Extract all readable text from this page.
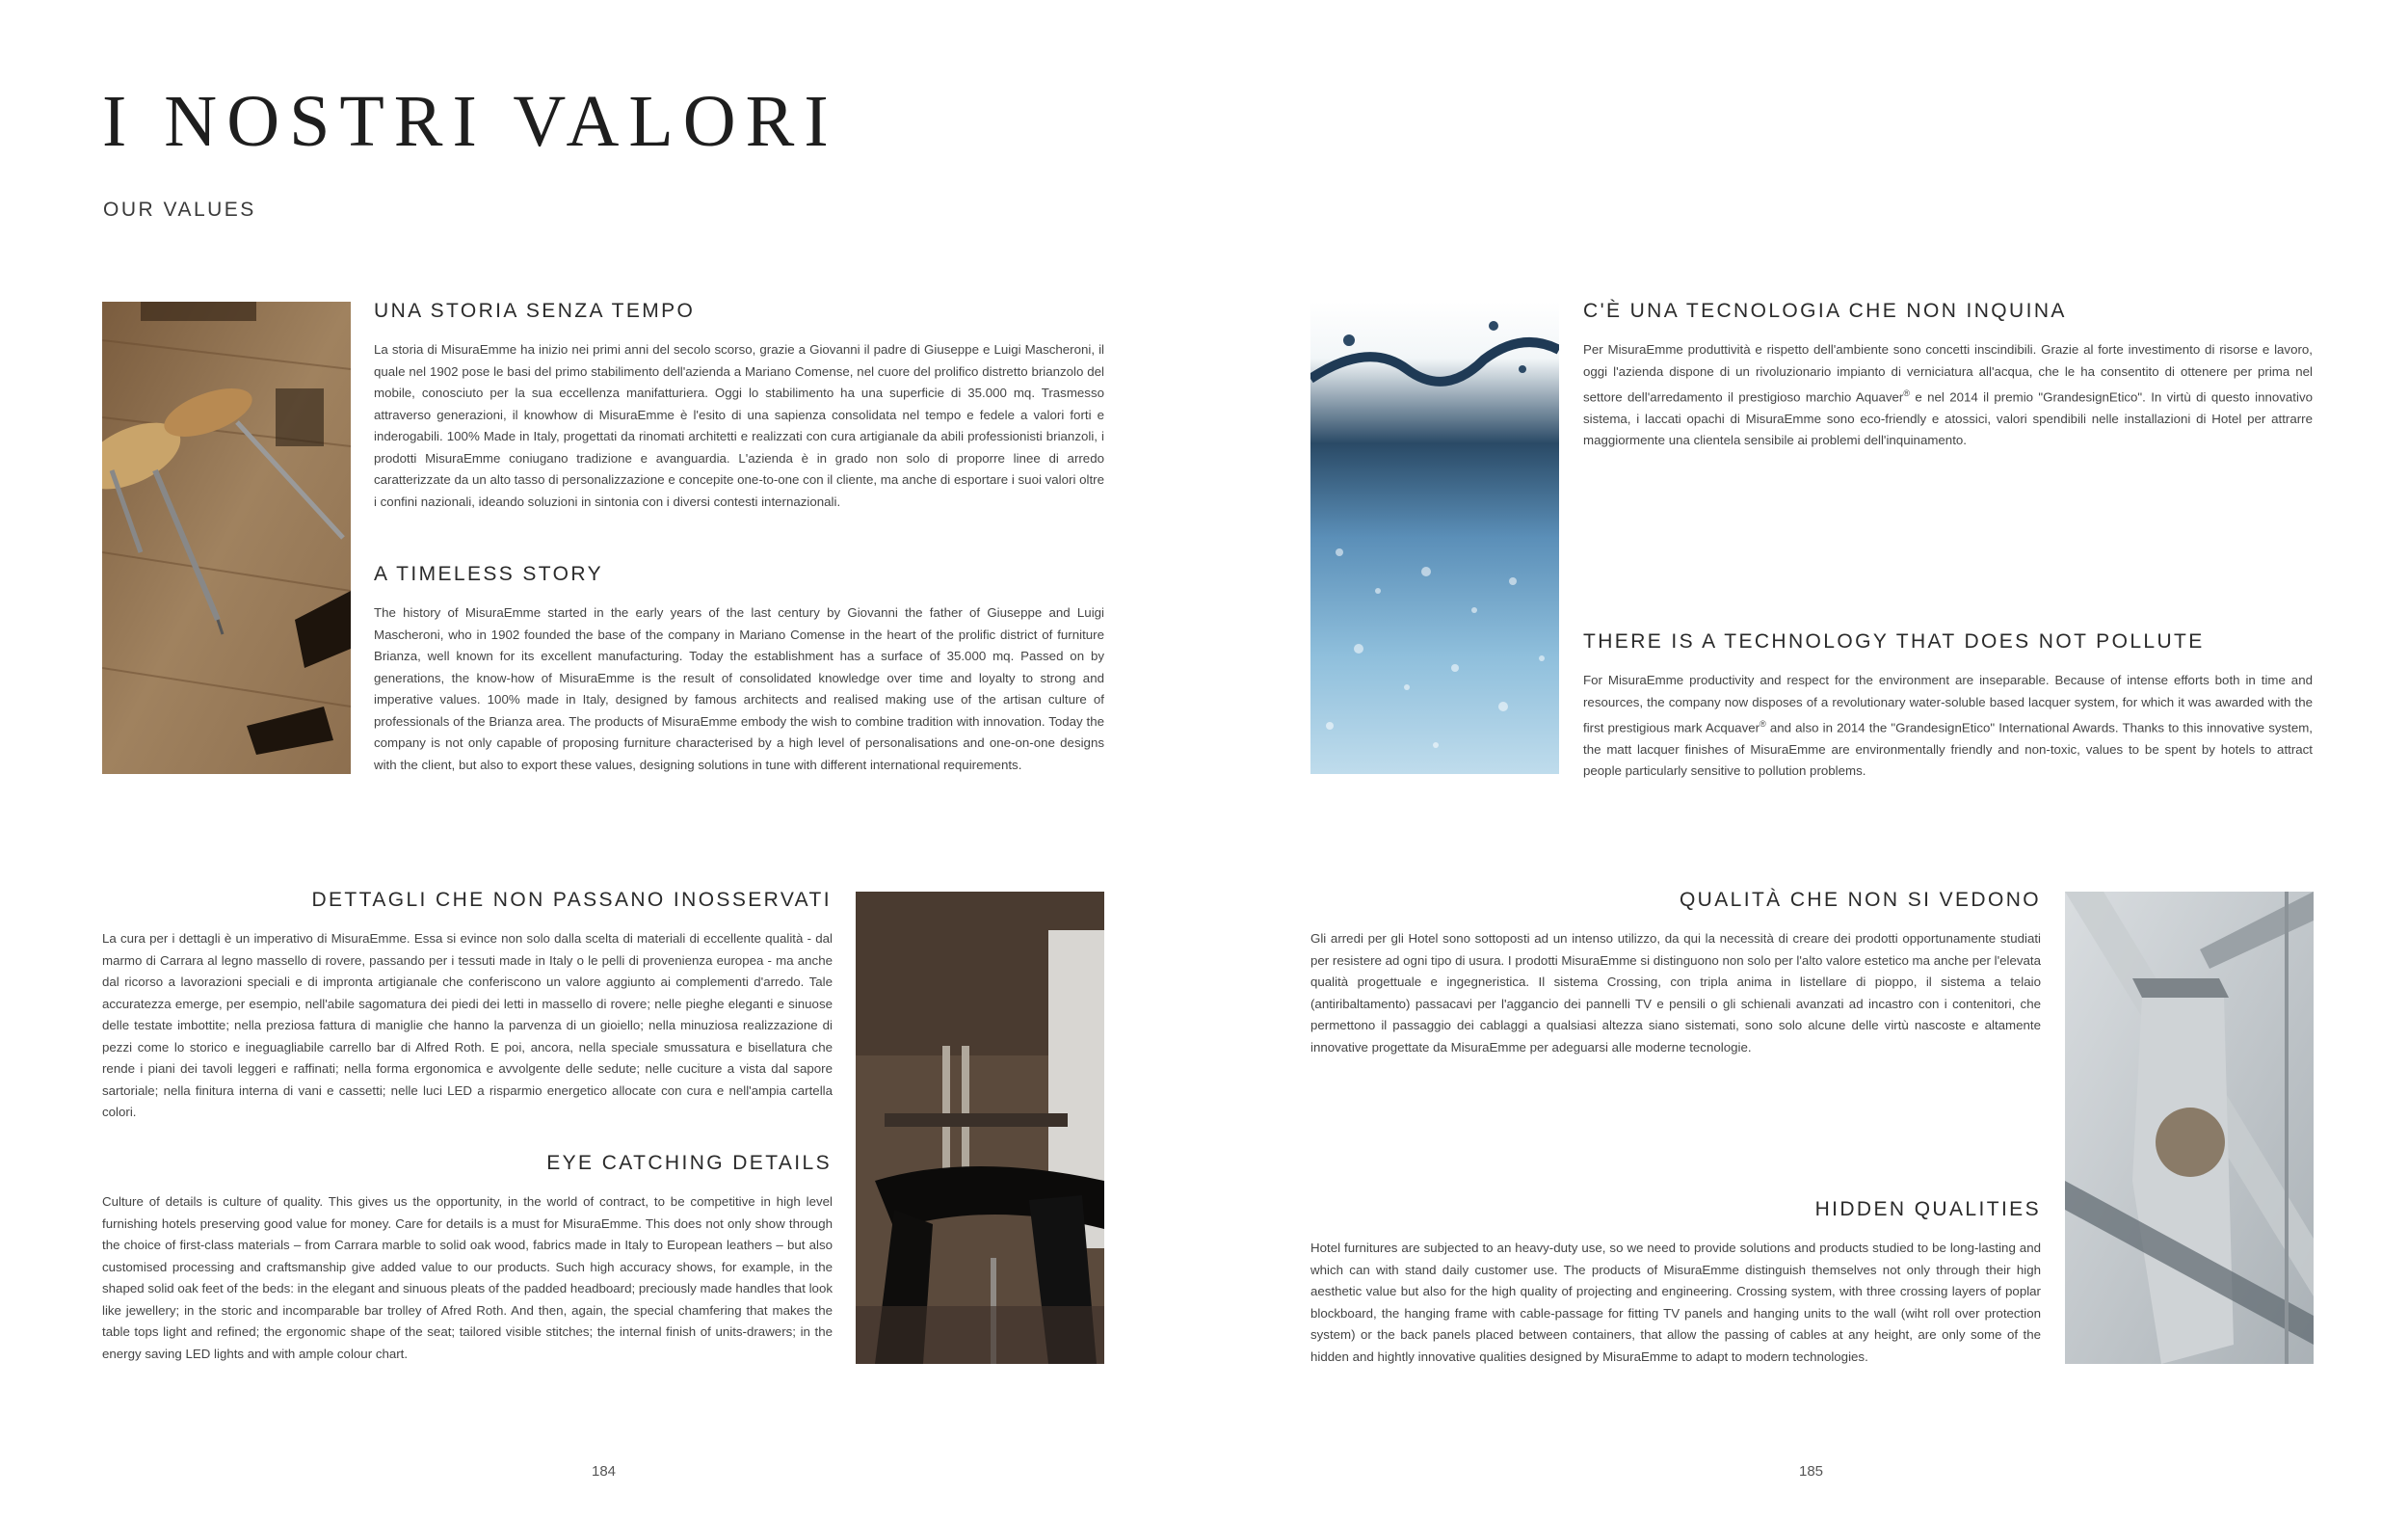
I NOSTRI VALORI
OUR VALUES
UNA STORIA SENZA TEMPO

La storia di MisuraEmme ha inizio nei primi anni del secolo scorso, grazie a Giovanni il padre di Giuseppe e Luigi Mascheroni, il quale nel 1902 pose le basi del primo stabilimento dell'azienda a Mariano Comense, nel cuore del prolifico distretto brianzolo del mobile, conosciuto per la sua eccellenza manifatturiera. Oggi lo stabilimento ha una superficie di 35.000 mq. Trasmesso attraverso generazioni, il knowhow di MisuraEmme è l'esito di una sapienza consolidata nel tempo e fedele a valori forti e inderogabili. 100% Made in Italy, progettati da rinomati architetti e realizzati con cura artigianale da abili professionisti brianzoli, i prodotti MisuraEmme coniugano tradizione e avanguardia. L'azienda è in grado non solo di proporre linee di arredo caratterizzate da un alto tasso di personalizzazione e concepite one-to-one con il cliente, ma anche di esportare i suoi valori oltre i confini nazionali, ideando soluzioni in sintonia con i diversi contesti internazionali.

A TIMELESS STORY

The history of MisuraEmme started in the early years of the last century by Giovanni the father of Giuseppe and Luigi Mascheroni, who in 1902 founded the base of the company in Mariano Comense in the heart of the prolific district of furniture Brianza, well known for its excellent manufacturing. Today the establishment has a surface of 35.000 mq. Passed on by generations, the know-how of MisuraEmme is the result of consolidated knowledge over time and loyalty to strong and imperative values. 100% made in Italy, designed by famous architects and realised making use of the artisan culture of professionals of the Brianza area. The products of MisuraEmme embody the wish to combine tradition with innovation. Today the company is not only capable of proposing furniture characterised by a high level of personalisations and one-on-one designs with the client, but also to export these values, designing solutions in tune with different international requirements.

DETTAGLI CHE NON PASSANO INOSSERVATI

La cura per i dettagli è un imperativo di MisuraEmme. Essa si evince non solo dalla scelta di materiali di eccellente qualità - dal marmo di Carrara al legno massello di rovere, passando per i tessuti made in Italy o le pelli di provenienza europea - ma anche dal ricorso a lavorazioni speciali e di impronta artigianale che conferiscono un valore aggiunto ai complementi d'arredo. Tale accuratezza emerge, per esempio, nell'abile sagomatura dei piedi dei letti in massello di rovere; nelle pieghe eleganti e sinuose delle testate imbottite; nella preziosa fattura di maniglie che hanno la parvenza di un gioiello; nella minuziosa realizzazione di pezzi come lo storico e ineguagliabile carrello bar di Alfred Roth. E poi, ancora, nella speciale smussatura e bisellatura che rende i piani dei tavoli leggeri e raffinati; nella forma ergonomica e avvolgente delle sedute; nelle cuciture a vista dal sapore sartoriale; nella finitura interna di vani e cassetti; nelle luci LED a risparmio energetico allocate con cura e nell'ampia cartella colori.

EYE CATCHING DETAILS

Culture of details is culture of quality. This gives us the opportunity, in the world of contract, to be competitive in high level furnishing hotels preserving good value for money. Care for details is a must for MisuraEmme. This does not only show through the choice of first-class materials – from Carrara marble to solid oak wood, fabrics made in Italy to European leathers – but also customised processing and craftsmanship give added value to our products. Such high accuracy shows, for example, in the shaped solid oak feet of the beds: in the elegant and sinuous pleats of the padded headboard; preciously made handles that look like jewellery; in the storic and incomparable bar trolley of Afred Roth. And then, again, the special chamfering that makes the table tops light and refined; the ergonomic shape of the seat; tailored visible stitches; the internal finish of units-drawers; in the energy saving LED lights and with ample colour chart.

184
C'È UNA TECNOLOGIA CHE NON INQUINA

Per MisuraEmme produttività e rispetto dell'ambiente sono concetti inscindibili. Grazie al forte investimento di risorse e lavoro, oggi l'azienda dispone di un rivoluzionario impianto di verniciatura all'acqua, che le ha consentito di ottenere per prima nel settore dell'arredamento il prestigioso marchio Aquaver® e nel 2014 il premio "GrandesignEtico". In virtù di questo innovativo sistema, i laccati opachi di MisuraEmme sono eco-friendly e atossici, valori spendibili nelle installazioni di Hotel per attrarre maggiormente una clientela sensibile ai problemi dell'inquinamento.

THERE IS A TECHNOLOGY THAT DOES NOT POLLUTE

For MisuraEmme productivity and respect for the environment are inseparable. Because of intense efforts both in time and resources, the company now disposes of a revolutionary water-soluble based lacquer system, for which it was awarded with the first prestigious mark Acquaver® and also in 2014 the "GrandesignEtico" International Awards. Thanks to this innovative system, the matt lacquer finishes of MisuraEmme are environmentally friendly and non-toxic, values to be spent by hotels to attract people particularly sensitive to pollution problems.

QUALITÀ CHE NON SI VEDONO

Gli arredi per gli Hotel sono sottoposti ad un intenso utilizzo, da qui la necessità di creare dei prodotti opportunamente studiati per resistere ad ogni tipo di usura. I prodotti MisuraEmme si distinguono non solo per l'alto valore estetico ma anche per l'elevata qualità progettuale e ingegneristica. Il sistema Crossing, con tripla anima in listellare di pioppo, il sistema a telaio (antiribaltamento) passacavi per l'aggancio dei pannelli TV e pensili o gli schienali avanzati ad incastro con i contenitori, che permettono il passaggio dei cablaggi a qualsiasi altezza siano sistemati, sono solo alcune delle virtù nascoste e altamente innovative progettate da MisuraEmme per adeguarsi alle moderne tecnologie.

HIDDEN QUALITIES

Hotel furnitures are subjected to an heavy-duty use, so we need to provide solutions and products studied to be long-lasting and which can with stand daily customer use. The products of MisuraEmme distinguish themselves not only through their high aesthetic value but also for the high quality of projecting and engineering. Crossing system, with three crossing layers of poplar blockboard, the hanging frame with cable-passage for fitting TV panels and hanging units to the wall (wiht roll over protection system) or the back panels placed between containers, that allow the passing of cables at any height, are only some of the hidden and hightly innovative qualities designed by MisuraEmme to adapt to modern technologies.

185
